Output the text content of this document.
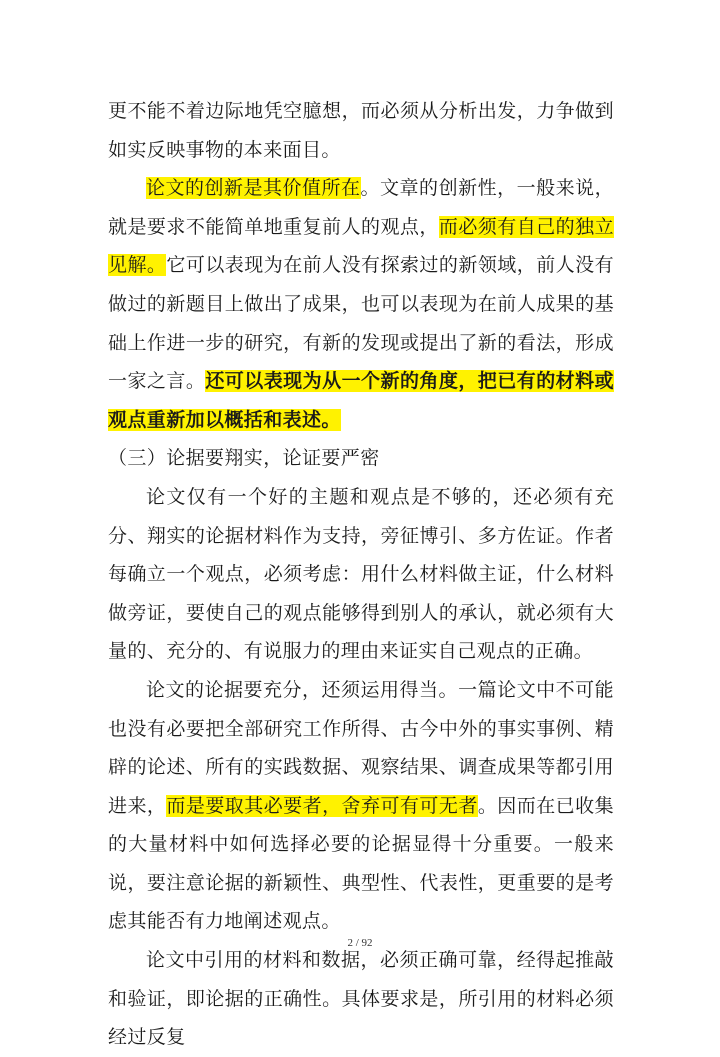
更不能不着边际地凭空臆想，而必须从分析出发，力争做到如实反映事物的本来面目。

论文的创新是其价值所在。文章的创新性，一般来说，就是要求不能简单地重复前人的观点，而必须有自己的独立见解。它可以表现为在前人没有探索过的新领域，前人没有做过的新题目上做出了成果，也可以表现为在前人成果的基础上作进一步的研究，有新的发现或提出了新的看法，形成一家之言。还可以表现为从一个新的角度，把已有的材料或观点重新加以概括和表述。

（三）论据要翔实，论证要严密

论文仅有一个好的主题和观点是不够的，还必须有充分、翔实的论据材料作为支持，旁征博引、多方佐证。作者每确立一个观点，必须考虑：用什么材料做主证，什么材料做旁证，要使自己的观点能够得到别人的承认，就必须有大量的、充分的、有说服力的理由来证实自己观点的正确。

论文的论据要充分，还须运用得当。一篇论文中不可能也没有必要把全部研究工作所得、古今中外的事实事例、精辟的论述、所有的实践数据、观察结果、调查成果等都引用进来，而是要取其必要者，舍弃可有可无者。因而在已收集的大量材料中如何选择必要的论据显得十分重要。一般来说，要注意论据的新颖性、典型性、代表性，更重要的是考虑其能否有力地阐述观点。

论文中引用的材料和数据，必须正确可靠，经得起推敲和验证，即论据的正确性。具体要求是，所引用的材料必须经过反复

2 / 92
